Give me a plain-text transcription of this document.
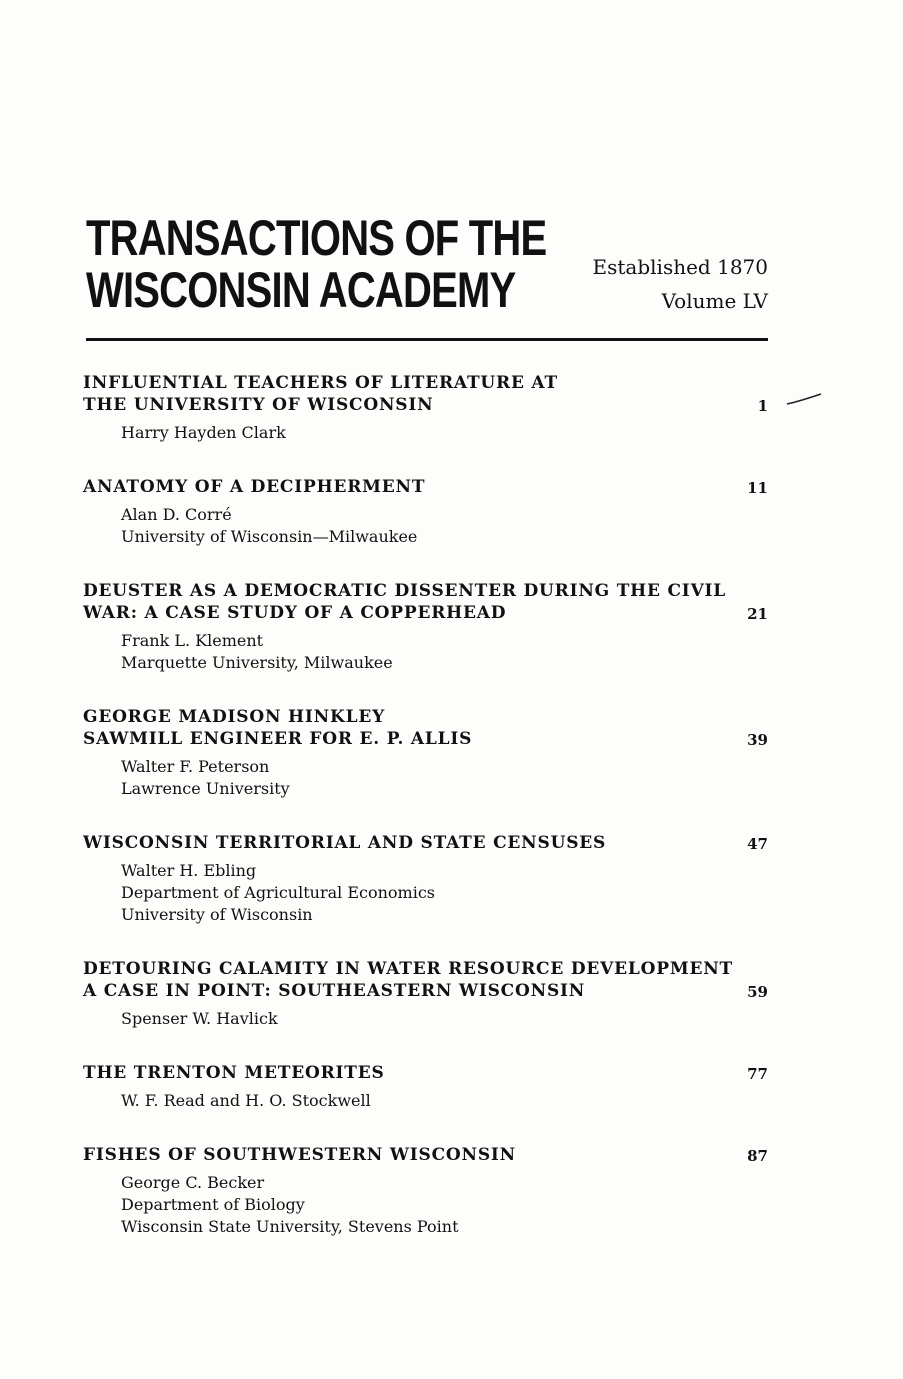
TRANSACTIONS OF THE
WISCONSIN ACADEMY	Established 1870
Volume LV
INFLUENTIAL TEACHERS OF LITERATURE AT
THE UNIVERSITY OF WISCONSIN	1
Harry Hayden Clark
ANATOMY OF A DECIPHERMENT	11
Alan D. Corré
University of Wisconsin—Milwaukee
DEUSTER AS A DEMOCRATIC DISSENTER DURING THE CIVIL
WAR: A CASE STUDY OF A COPPERHEAD	21
Frank L. Klement
Marquette University, Milwaukee
GEORGE MADISON HINKLEY
SAWMILL ENGINEER FOR E. P. ALLIS	39
Walter F. Peterson
Lawrence University
WISCONSIN TERRITORIAL AND STATE CENSUSES	47
Walter H. Ebling
Department of Agricultural Economics
University of Wisconsin
DETOURING CALAMITY IN WATER RESOURCE DEVELOPMENT
A CASE IN POINT: SOUTHEASTERN WISCONSIN	59
Spenser W. Havlick
THE TRENTON METEORITES	77
W. F. Read and H. O. Stockwell
FISHES OF SOUTHWESTERN WISCONSIN	87
George C. Becker
Department of Biology
Wisconsin State University, Stevens Point
